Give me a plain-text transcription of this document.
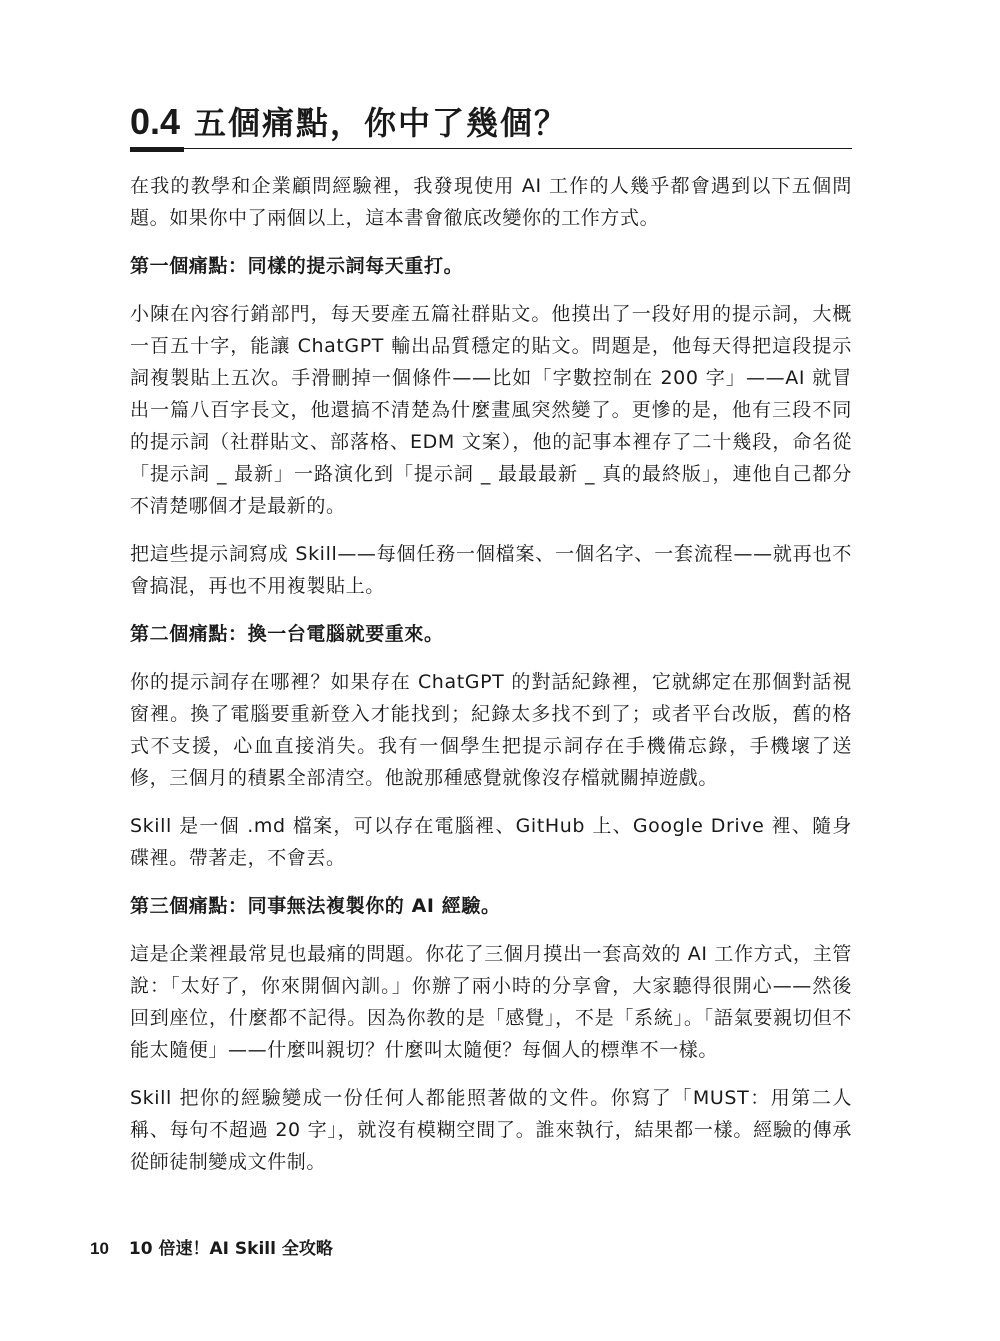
0.4 五個痛點，你中了幾個？

在我的教學和企業顧問經驗裡，我發現使用 AI 工作的人幾乎都會遇到以下五個問題。如果你中了兩個以上，這本書會徹底改變你的工作方式。

第一個痛點：同樣的提示詞每天重打。

小陳在內容行銷部門，每天要產五篇社群貼文。他摸出了一段好用的提示詞，大概一百五十字，能讓 ChatGPT 輸出品質穩定的貼文。問題是，他每天得把這段提示詞複製貼上五次。手滑刪掉一個條件——比如「字數控制在 200 字」——AI 就冒出一篇八百字長文，他還搞不清楚為什麼畫風突然變了。更慘的是，他有三段不同的提示詞（社群貼文、部落格、EDM 文案），他的記事本裡存了二十幾段，命名從「提示詞 _ 最新」一路演化到「提示詞 _ 最最最新 _ 真的最終版」，連他自己都分不清楚哪個才是最新的。

把這些提示詞寫成 Skill——每個任務一個檔案、一個名字、一套流程——就再也不會搞混，再也不用複製貼上。

第二個痛點：換一台電腦就要重來。

你的提示詞存在哪裡？如果存在 ChatGPT 的對話紀錄裡，它就綁定在那個對話視窗裡。換了電腦要重新登入才能找到；紀錄太多找不到了；或者平台改版，舊的格式不支援，心血直接消失。我有一個學生把提示詞存在手機備忘錄，手機壞了送修，三個月的積累全部清空。他說那種感覺就像沒存檔就關掉遊戲。

Skill 是一個 .md 檔案，可以存在電腦裡、GitHub 上、Google Drive 裡、隨身碟裡。帶著走，不會丟。

第三個痛點：同事無法複製你的 AI 經驗。

這是企業裡最常見也最痛的問題。你花了三個月摸出一套高效的 AI 工作方式，主管說：「太好了，你來開個內訓。」你辦了兩小時的分享會，大家聽得很開心——然後回到座位，什麼都不記得。因為你教的是「感覺」，不是「系統」。「語氣要親切但不能太隨便」——什麼叫親切？什麼叫太隨便？每個人的標準不一樣。

Skill 把你的經驗變成一份任何人都能照著做的文件。你寫了「MUST：用第二人稱、每句不超過 20 字」，就沒有模糊空間了。誰來執行，結果都一樣。經驗的傳承從師徒制變成文件制。

10 10 倍速！AI Skill 全攻略
